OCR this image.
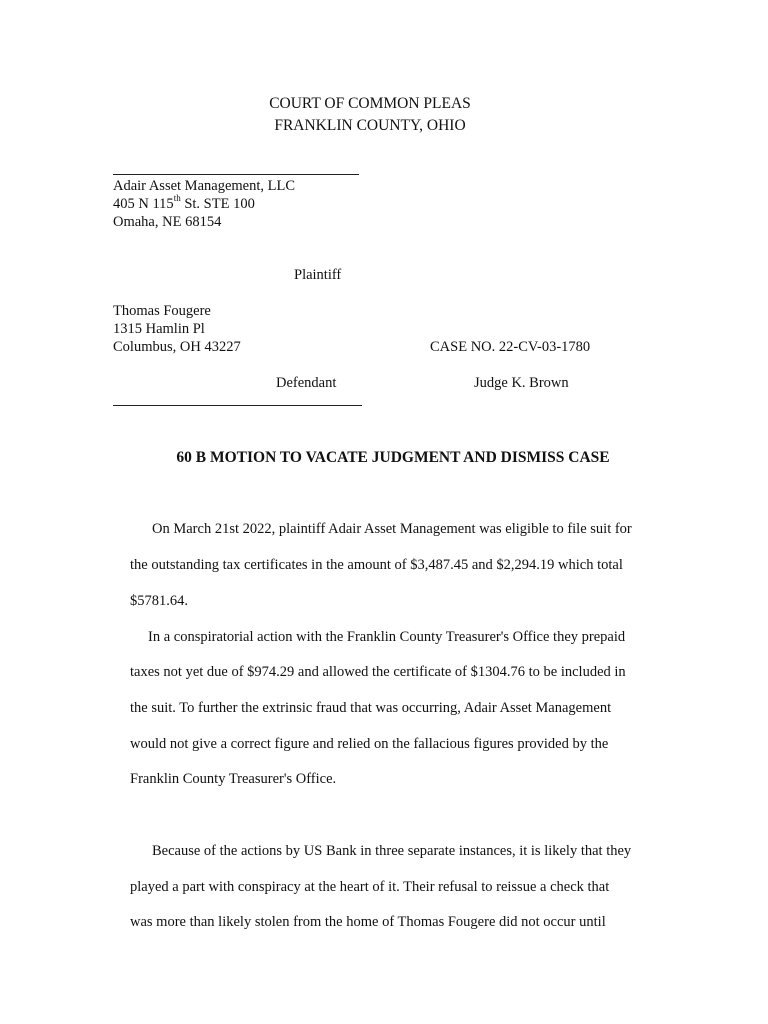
COURT OF COMMON PLEAS
FRANKLIN COUNTY, OHIO
Adair Asset Management, LLC
405 N 115th St. STE 100
Omaha, NE 68154
Plaintiff
Thomas Fougere
1315 Hamlin Pl
Columbus, OH 43227	CASE NO. 22-CV-03-1780
Defendant	Judge K. Brown
60 B MOTION TO VACATE JUDGMENT AND DISMISS CASE
On March 21st 2022, plaintiff Adair Asset Management was eligible to file suit for
the outstanding tax certificates in the amount of $3,487.45 and $2,294.19 which total
$5781.64.
In a conspiratorial action with the Franklin County Treasurer's Office they prepaid
taxes not yet due of $974.29 and allowed the certificate of $1304.76 to be included in
the suit. To further the extrinsic fraud that was occurring, Adair Asset Management
would not give a correct figure and relied on the fallacious figures provided by the
Franklin County Treasurer's Office.
Because of the actions by US Bank in three separate instances, it is likely that they
played a part with conspiracy at the heart of it. Their refusal to reissue a check that
was more than likely stolen from the home of Thomas Fougere did not occur until
